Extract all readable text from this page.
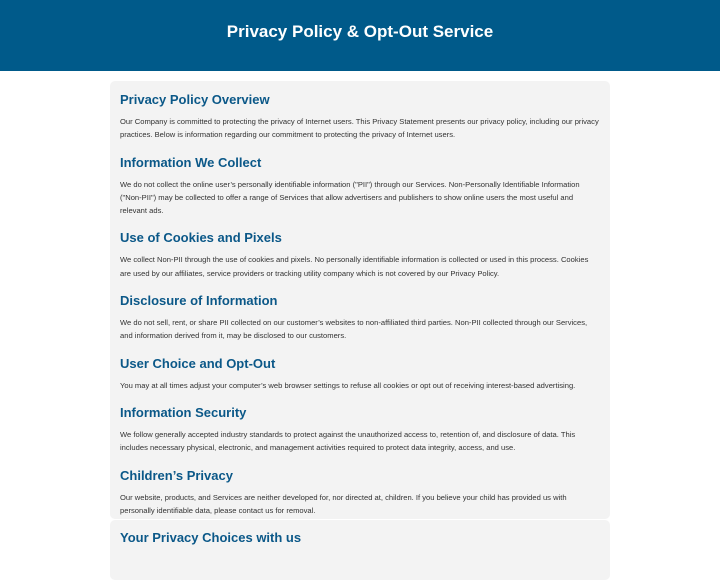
Privacy Policy & Opt-Out Service
Privacy Policy Overview

Our Company is committed to protecting the privacy of Internet users. This Privacy Statement presents our privacy policy, including our privacy practices. Below is information regarding our commitment to protecting the privacy of Internet users.

Information We Collect

We do not collect the online user’s personally identifiable information ("PII") through our Services. Non-Personally Identifiable Information ("Non-PII") may be collected to offer a range of Services that allow advertisers and publishers to show online users the most useful and relevant ads.

Use of Cookies and Pixels

We collect Non-PII through the use of cookies and pixels. No personally identifiable information is collected or used in this process. Cookies are used by our affiliates, service providers or tracking utility company which is not covered by our Privacy Policy.

Disclosure of Information

We do not sell, rent, or share PII collected on our customer’s websites to non-affiliated third parties. Non-PII collected through our Services, and information derived from it, may be disclosed to our customers.

User Choice and Opt-Out

You may at all times adjust your computer’s web browser settings to refuse all cookies or opt out of receiving interest-based advertising.

Information Security

We follow generally accepted industry standards to protect against the unauthorized access to, retention of, and disclosure of data. This includes necessary physical, electronic, and management activities required to protect data integrity, access, and use.

Children’s Privacy

Our website, products, and Services are neither developed for, nor directed at, children. If you believe your child has provided us with personally identifiable data, please contact us for removal.

Your Privacy Choices with us
